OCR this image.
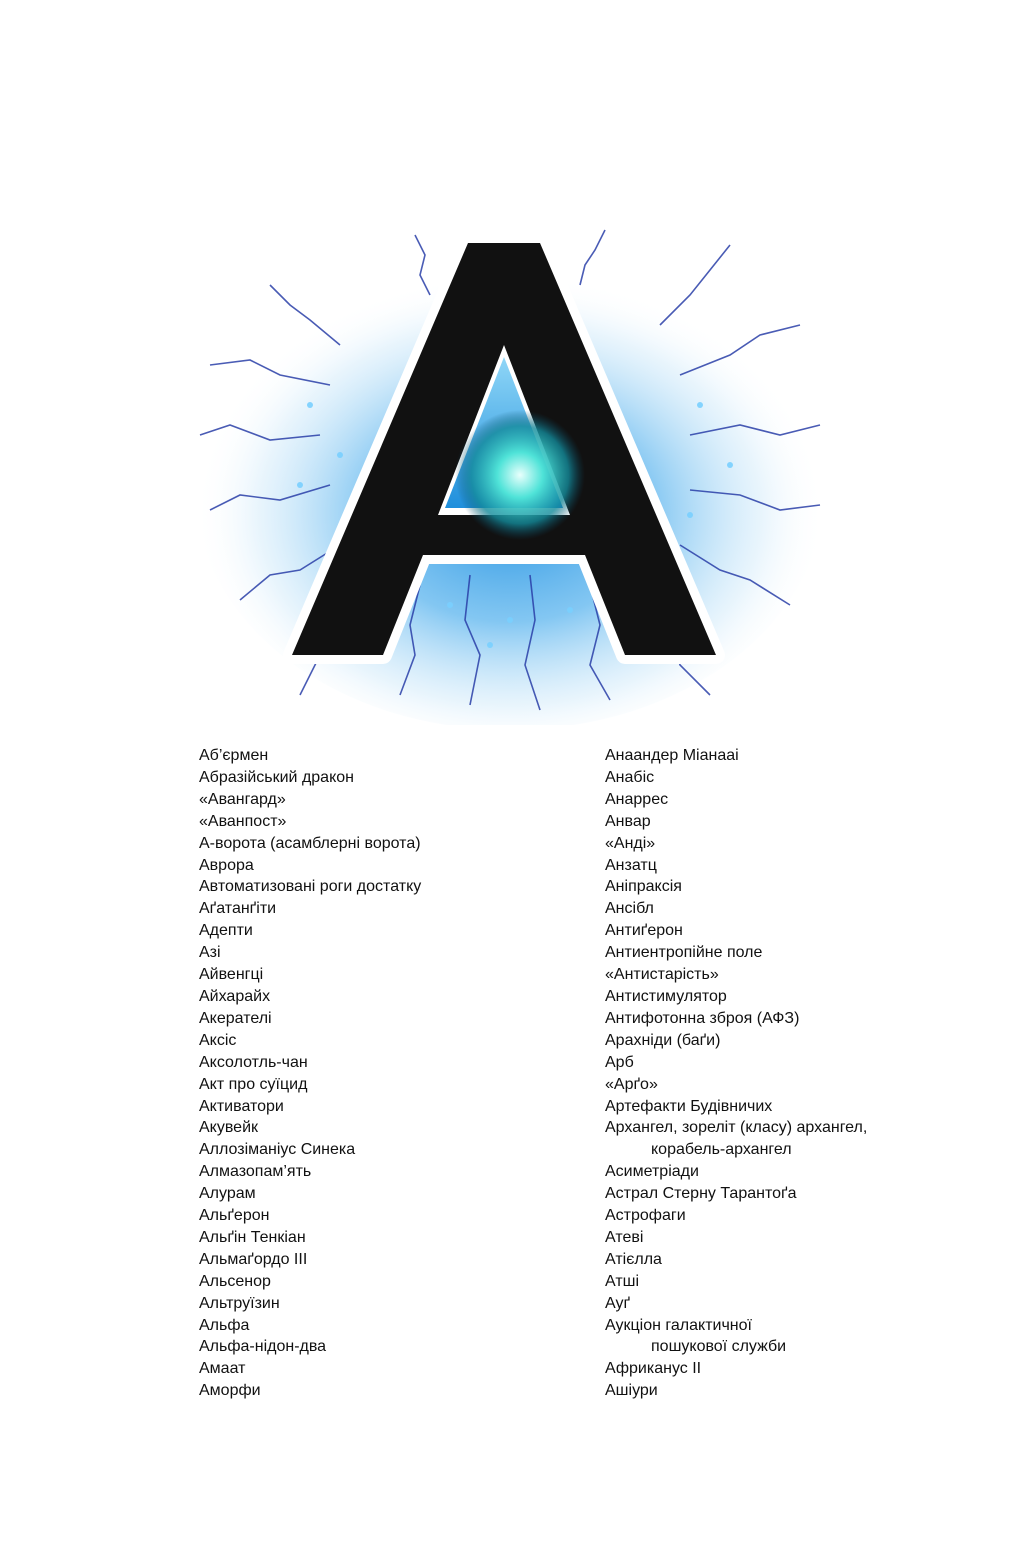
Аб’єрмен
Абразійський дракон
«Авангард»
«Аванпост»
А-ворота (асамблерні ворота)
Аврора
Автоматизовані роги достатку
Аґатанґіти
Адепти
Азі
Айвенгці
Айхарайх
Акерателі
Аксіс
Аксолотль-чан
Акт про суїцид
Активатори
Акувейк
Аллозіманіус Синека
Алмазопам’ять
Алурам
Альґерон
Альґін Тенкіан
Альмаґордо ІІІ
Альсенор
Альтруїзин
Альфа
Альфа-нідон-два
Амаат
Аморфи
Анаандер Міанааі
Анабіс
Анаррес
Анвар
«Анді»
Анзатц
Аніпраксія
Ансібл
Антиґерон
Антиентропійне поле
«Антистарість»
Антистимулятор
Антифотонна зброя (АФЗ)
Арахніди (баґи)
Арб
«Арґо»
Артефакти Будівничих
Архангел, зореліт (класу) архангел,
корабель-архангел
Асиметріади
Астрал Стерну Тарантоґа
Астрофаги
Атеві
Атієлла
Атші
Ауґ
Аукціон галактичної
пошукової служби
Африканус ІІ
Ашіури
